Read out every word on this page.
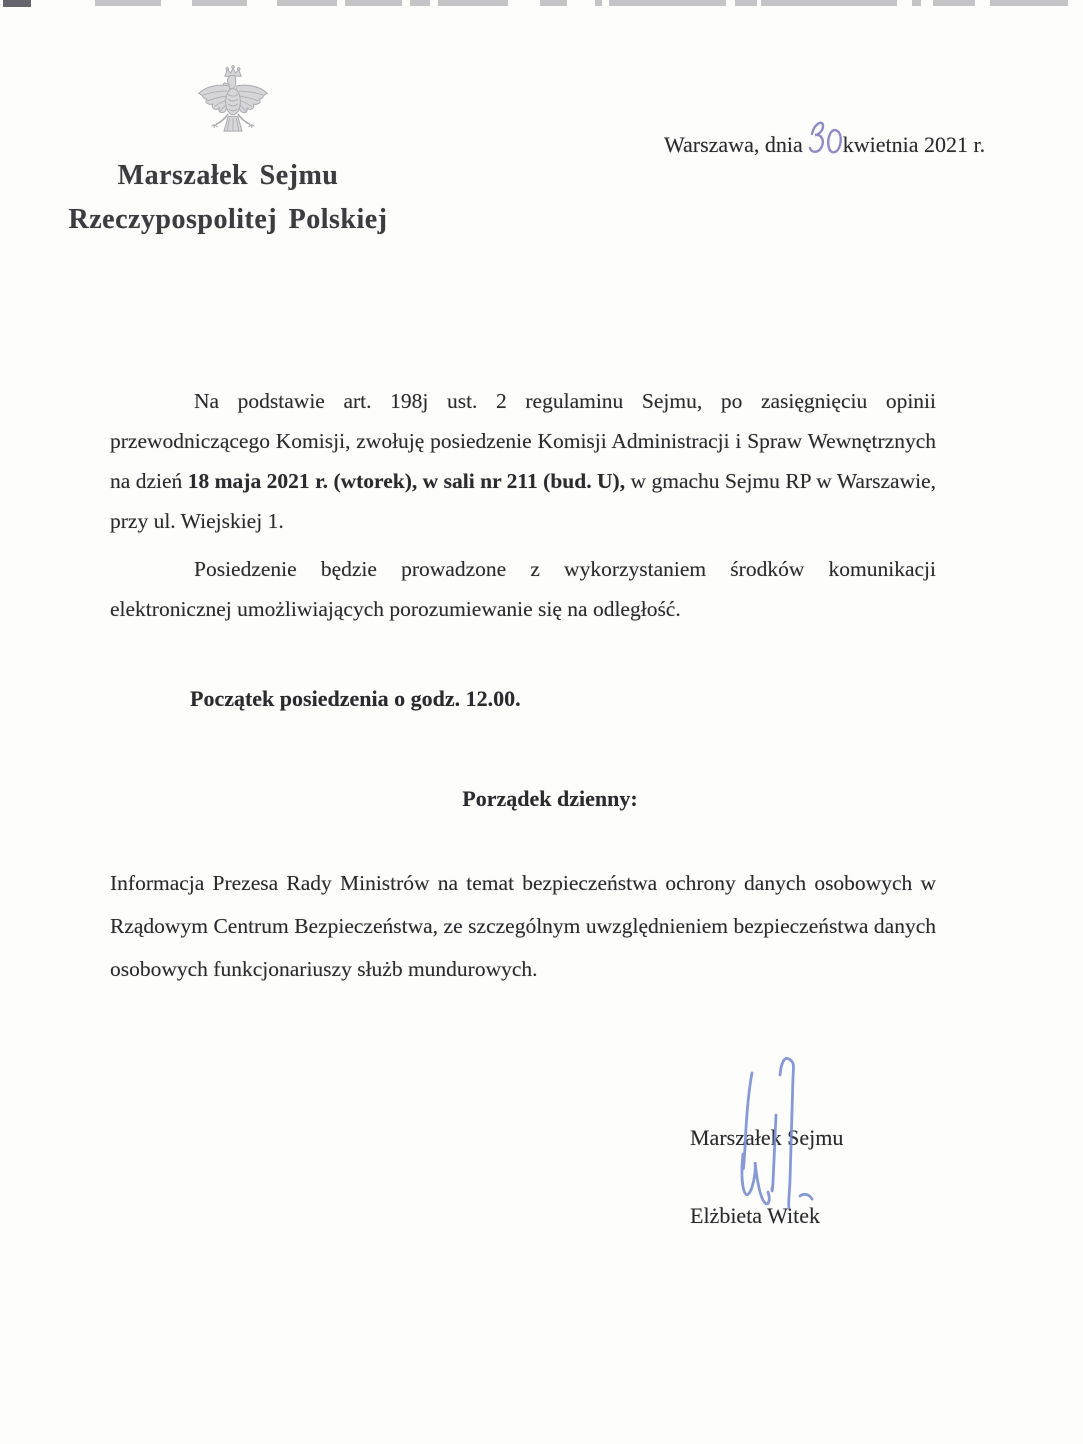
Marszałek Sejmu
Rzeczypospolitej Polskiej
Warszawa, dnia kwietnia 2021 r.

Na podstawie art. 198j ust. 2 regulaminu Sejmu, po zasięgnięciu opinii przewodniczącego Komisji, zwołuję posiedzenie Komisji Administracji i Spraw Wewnętrznych na dzień 18 maja 2021 r. (wtorek), w sali nr 211 (bud. U), w gmachu Sejmu RP w Warszawie, przy ul. Wiejskiej 1.

Posiedzenie będzie prowadzone z wykorzystaniem środków komunikacji elektronicznej umożliwiających porozumiewanie się na odległość.

Początek posiedzenia o godz. 12.00.

Porządek dzienny:

Informacja Prezesa Rady Ministrów na temat bezpieczeństwa ochrony danych osobowych w Rządowym Centrum Bezpieczeństwa, ze szczególnym uwzględnieniem bezpieczeństwa danych osobowych funkcjonariuszy służb mundurowych.

Marszałek Sejmu
Elżbieta Witek
